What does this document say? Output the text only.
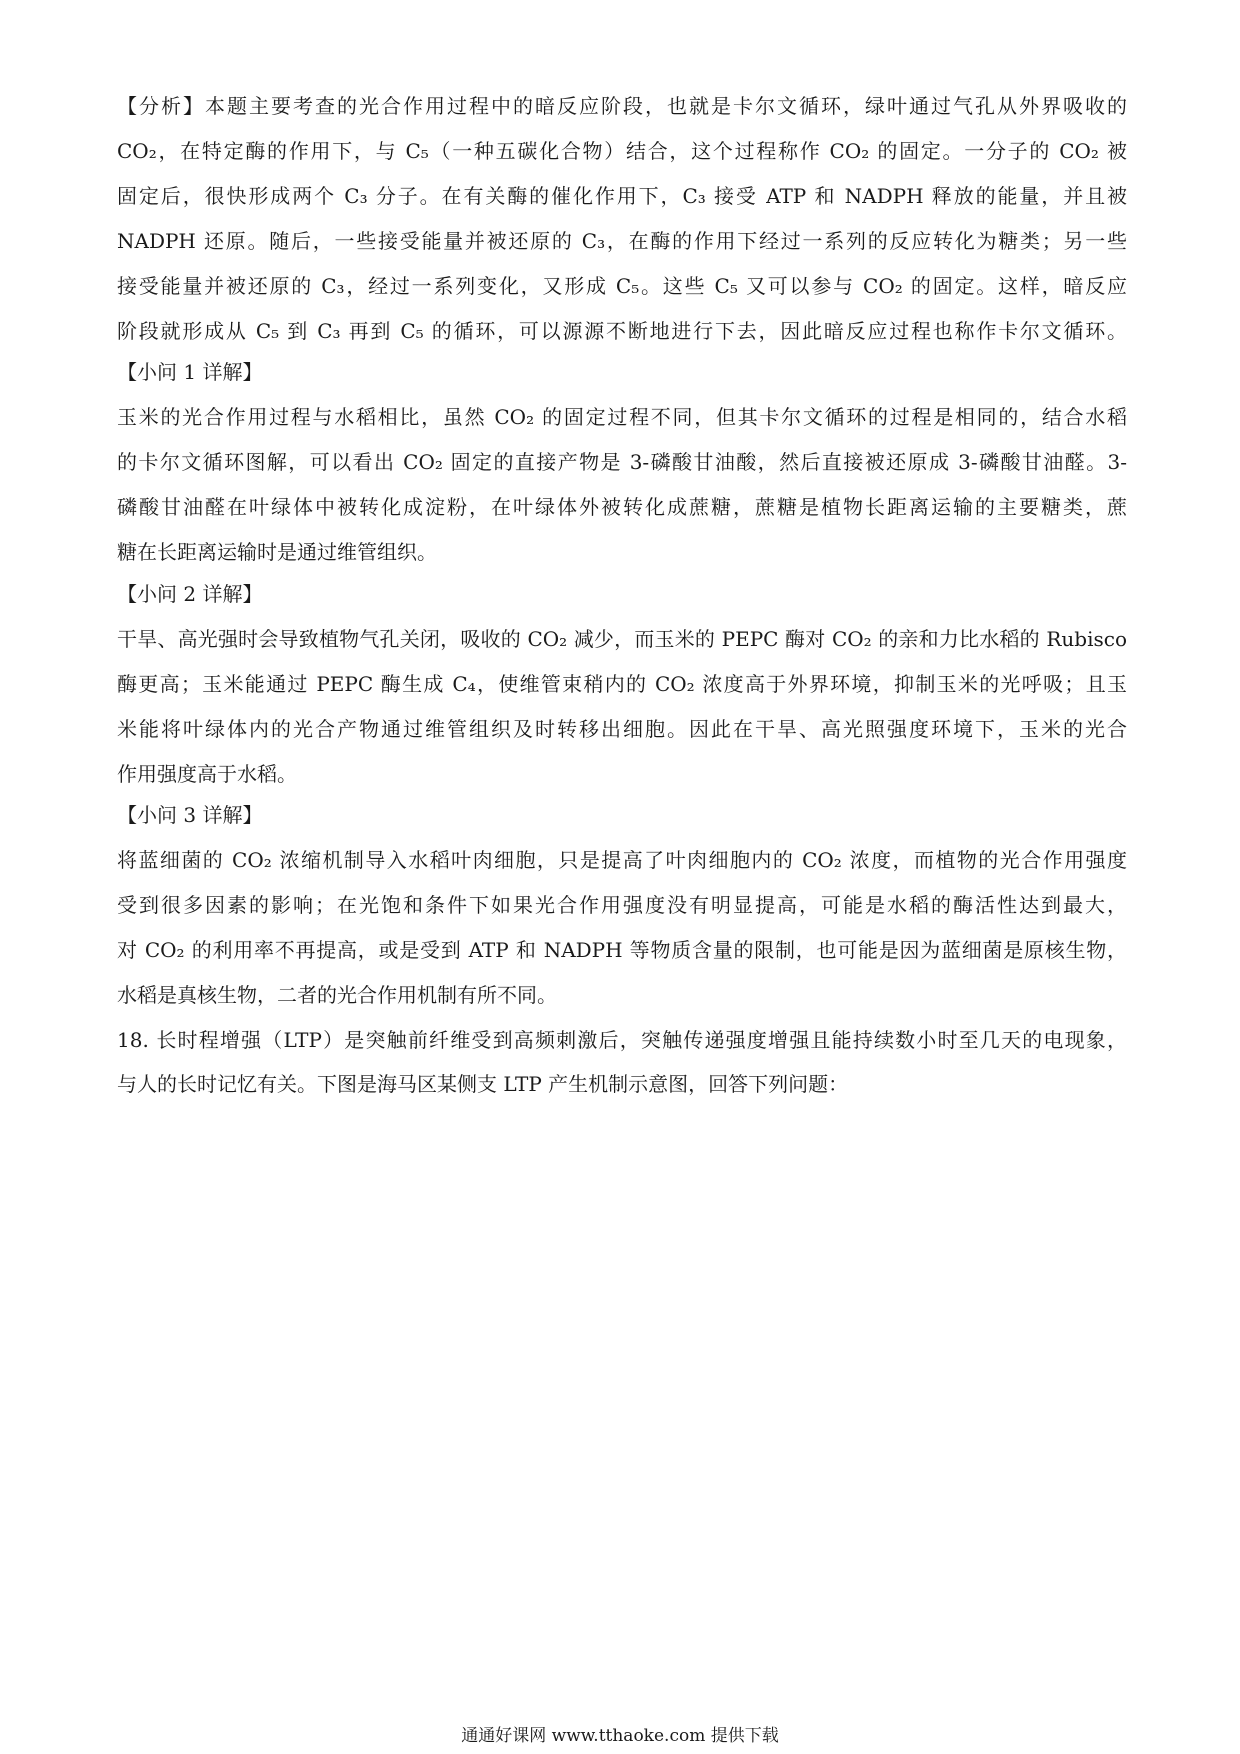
【分析】本题主要考查的光合作用过程中的暗反应阶段，也就是卡尔文循环，绿叶通过气孔从外界吸收的
CO₂，在特定酶的作用下，与 C₅（一种五碳化合物）结合，这个过程称作 CO₂ 的固定。一分子的 CO₂ 被
固定后，很快形成两个 C₃ 分子。在有关酶的催化作用下，C₃ 接受 ATP 和 NADPH 释放的能量，并且被
NADPH 还原。随后，一些接受能量并被还原的 C₃，在酶的作用下经过一系列的反应转化为糖类；另一些
接受能量并被还原的 C₃，经过一系列变化，又形成 C₅。这些 C₅ 又可以参与 CO₂ 的固定。这样，暗反应
阶段就形成从 C₅ 到 C₃ 再到 C₅ 的循环，可以源源不断地进行下去，因此暗反应过程也称作卡尔文循环。
【小问 1 详解】
玉米的光合作用过程与水稻相比，虽然 CO₂ 的固定过程不同，但其卡尔文循环的过程是相同的，结合水稻
的卡尔文循环图解，可以看出 CO₂ 固定的直接产物是 3-磷酸甘油酸，然后直接被还原成 3-磷酸甘油醛。3-
磷酸甘油醛在叶绿体中被转化成淀粉，在叶绿体外被转化成蔗糖，蔗糖是植物长距离运输的主要糖类，蔗
糖在长距离运输时是通过维管组织。
【小问 2 详解】
干旱、高光强时会导致植物气孔关闭，吸收的 CO₂ 减少，而玉米的 PEPC 酶对 CO₂ 的亲和力比水稻的 Rubisco
酶更高；玉米能通过 PEPC 酶生成 C₄，使维管束稍内的 CO₂ 浓度高于外界环境，抑制玉米的光呼吸；且玉
米能将叶绿体内的光合产物通过维管组织及时转移出细胞。因此在干旱、高光照强度环境下，玉米的光合
作用强度高于水稻。
【小问 3 详解】
将蓝细菌的 CO₂ 浓缩机制导入水稻叶肉细胞，只是提高了叶肉细胞内的 CO₂ 浓度，而植物的光合作用强度
受到很多因素的影响；在光饱和条件下如果光合作用强度没有明显提高，可能是水稻的酶活性达到最大，
对 CO₂ 的利用率不再提高，或是受到 ATP 和 NADPH 等物质含量的限制，也可能是因为蓝细菌是原核生物，
水稻是真核生物，二者的光合作用机制有所不同。
18. 长时程增强（LTP）是突触前纤维受到高频刺激后，突触传递强度增强且能持续数小时至几天的电现象，
与人的长时记忆有关。下图是海马区某侧支 LTP 产生机制示意图，回答下列问题：
通通好课网 www.tthaoke.com 提供下载
